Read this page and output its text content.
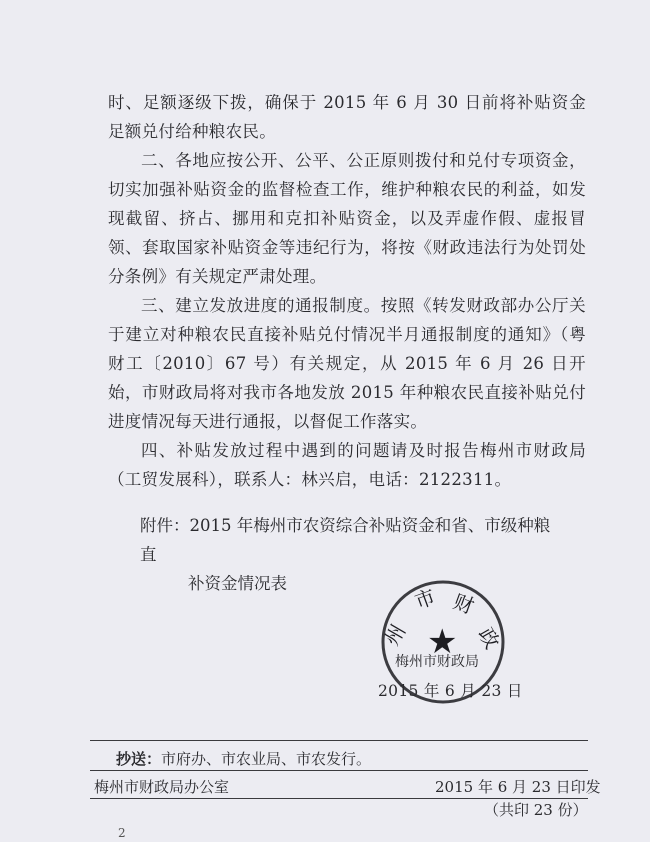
时、足额逐级下拨，确保于 2015 年 6 月 30 日前将补贴资金足额兑付给种粮农民。

二、各地应按公开、公平、公正原则拨付和兑付专项资金，切实加强补贴资金的监督检查工作，维护种粮农民的利益，如发现截留、挤占、挪用和克扣补贴资金，以及弄虚作假、虚报冒领、套取国家补贴资金等违纪行为，将按《财政违法行为处罚处分条例》有关规定严肃处理。

三、建立发放进度的通报制度。按照《转发财政部办公厅关于建立对种粮农民直接补贴兑付情况半月通报制度的通知》（粤财工〔2010〕67 号）有关规定，从 2015 年 6 月 26 日开始，市财政局将对我市各地发放 2015 年种粮农民直接补贴兑付进度情况每天进行通报，以督促工作落实。

四、补贴发放过程中遇到的问题请及时报告梅州市财政局（工贸发展科），联系人：林兴启，电话：2122311。

附件：2015 年梅州市农资综合补贴资金和省、市级种粮直
补资金情况表
州
市 财
政
★
梅州市财政局
2015 年 6 月 23 日
抄送：市府办、市农业局、市农发行。
梅州市财政局办公室	2015 年 6 月 23 日印发
（共印 23 份）
2
